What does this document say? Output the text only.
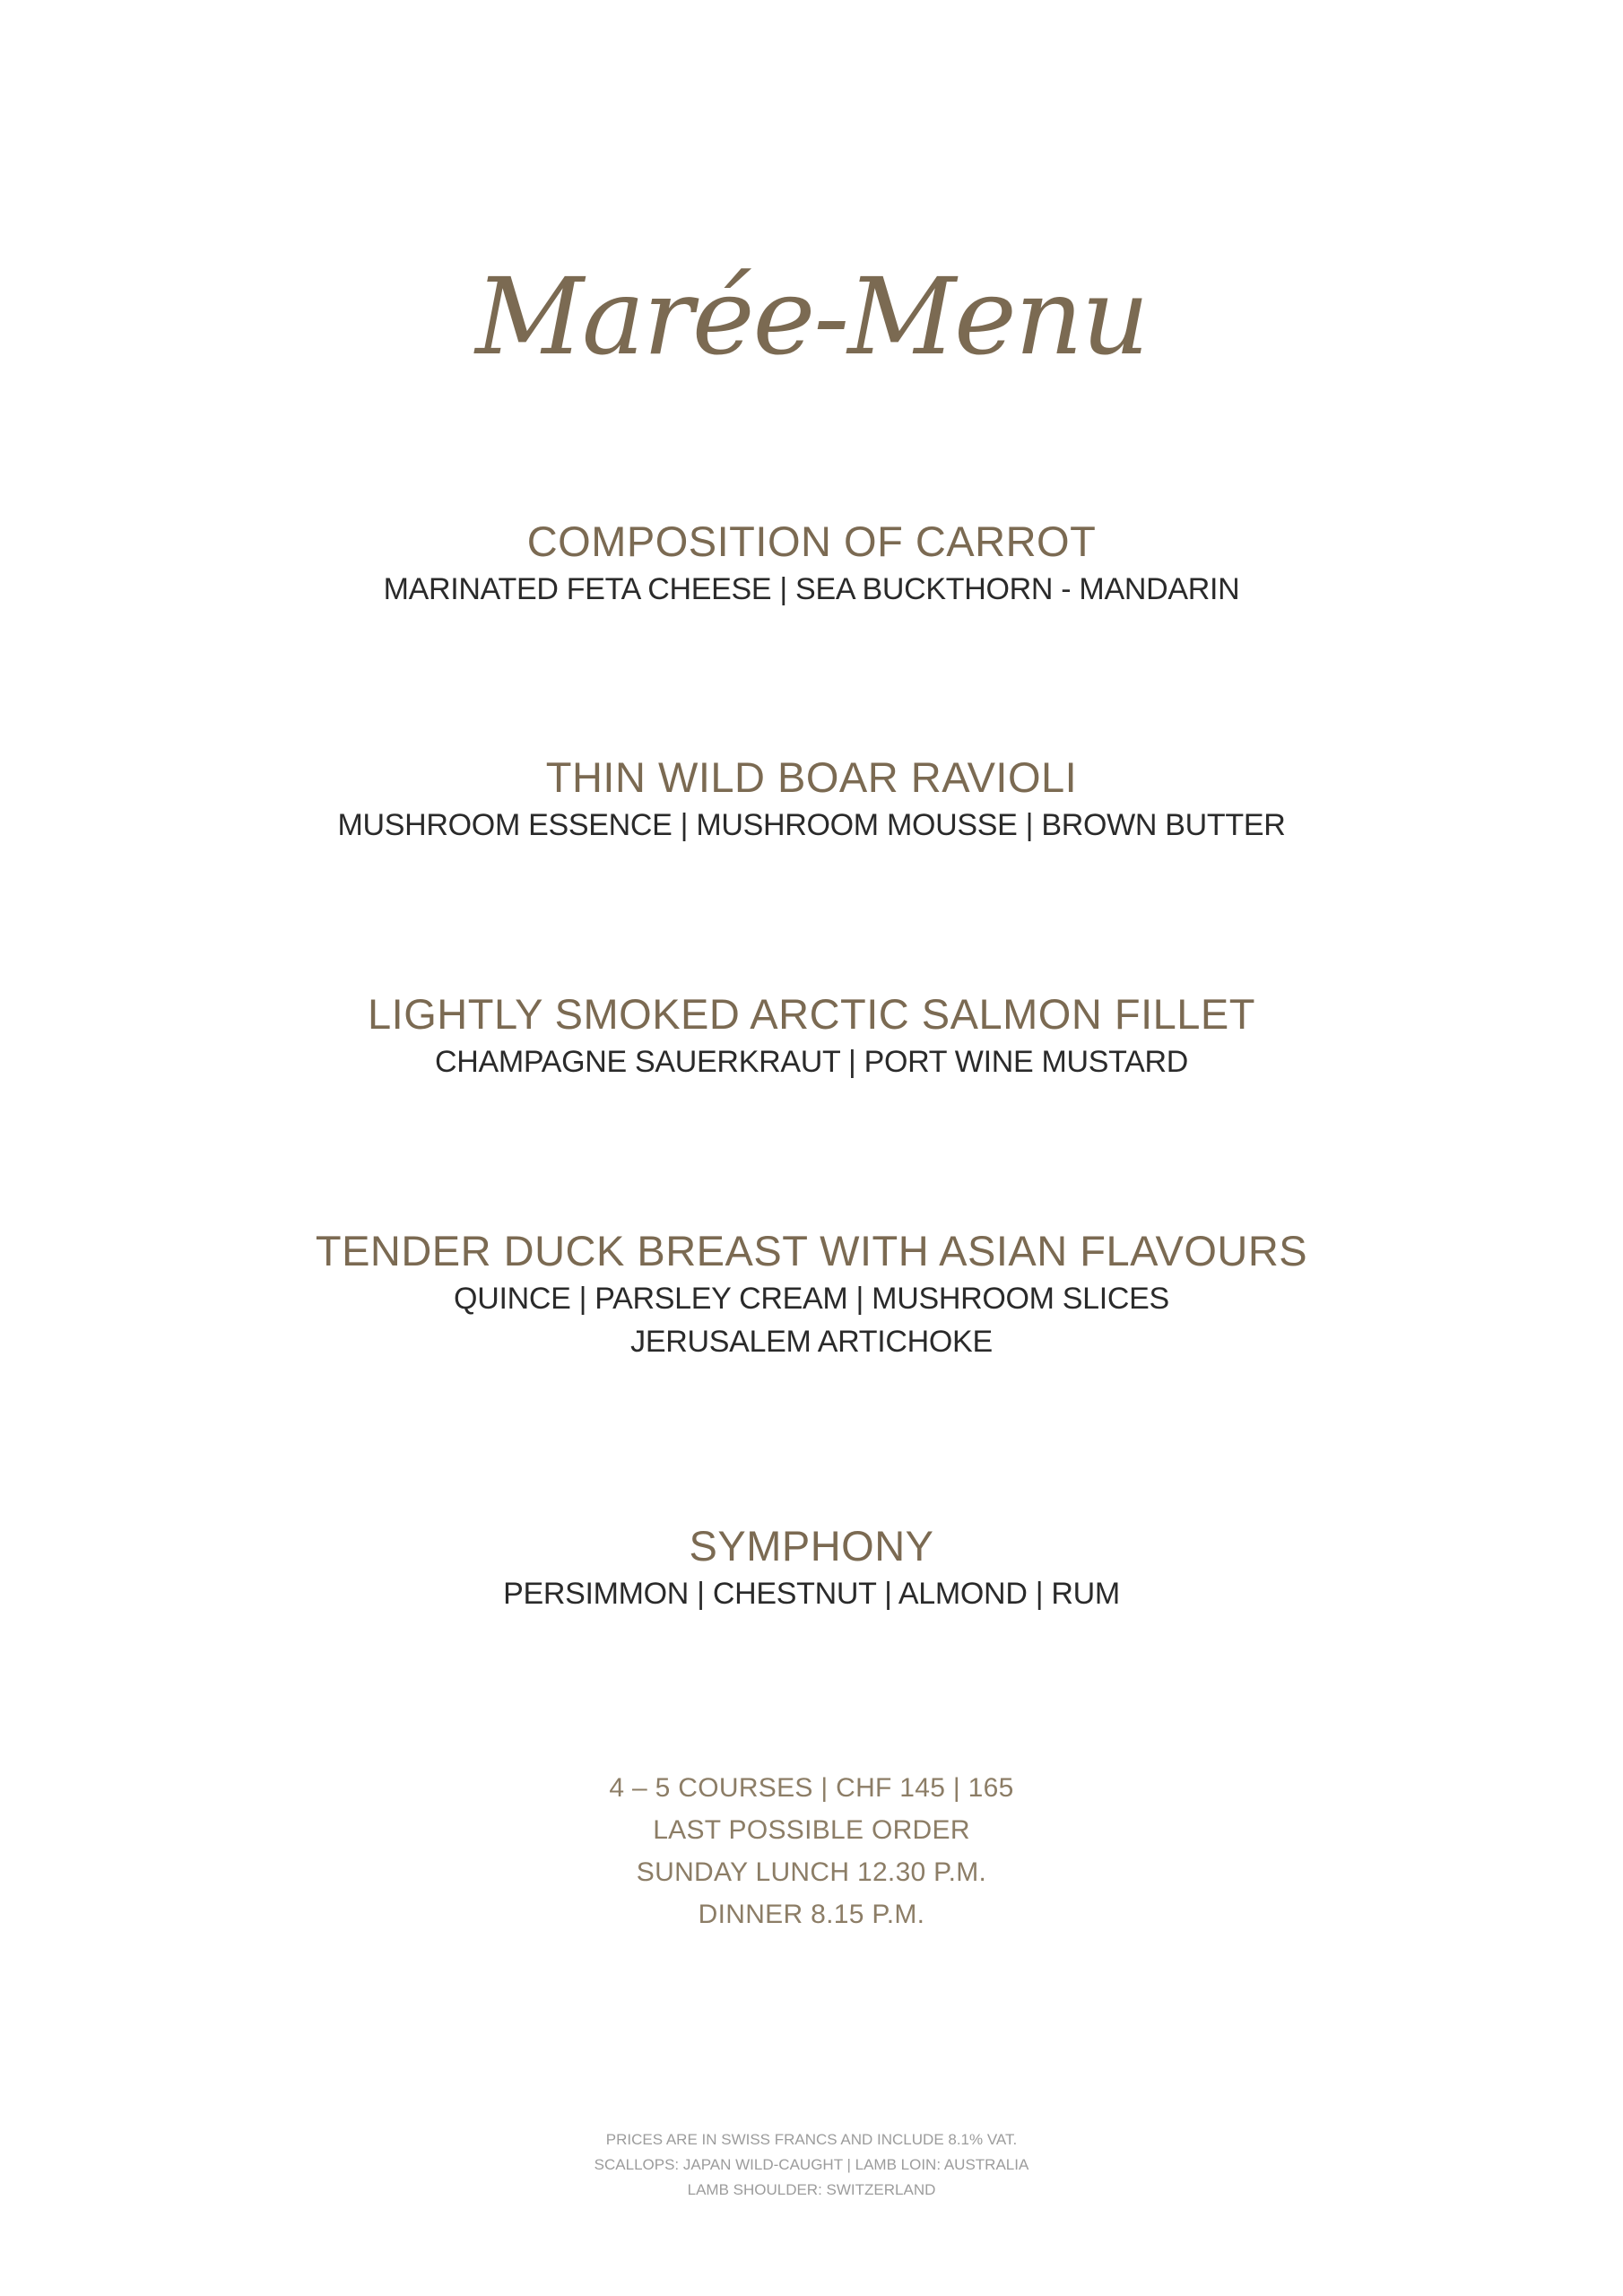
Marée-Menu
COMPOSITION OF CARROT
MARINATED FETA CHEESE | SEA BUCKTHORN - MANDARIN
THIN WILD BOAR RAVIOLI
MUSHROOM ESSENCE | MUSHROOM MOUSSE | BROWN BUTTER
LIGHTLY SMOKED ARCTIC SALMON FILLET
CHAMPAGNE SAUERKRAUT | PORT WINE MUSTARD
TENDER DUCK BREAST WITH ASIAN FLAVOURS
QUINCE | PARSLEY CREAM | MUSHROOM SLICES
JERUSALEM ARTICHOKE
SYMPHONY
PERSIMMON | CHESTNUT | ALMOND | RUM
4 – 5 COURSES | CHF 145 | 165
LAST POSSIBLE ORDER
SUNDAY LUNCH 12.30 P.M.
DINNER 8.15 P.M.
PRICES ARE IN SWISS FRANCS AND INCLUDE 8.1% VAT.
SCALLOPS: JAPAN WILD-CAUGHT | LAMB LOIN: AUSTRALIA
LAMB SHOULDER: SWITZERLAND
